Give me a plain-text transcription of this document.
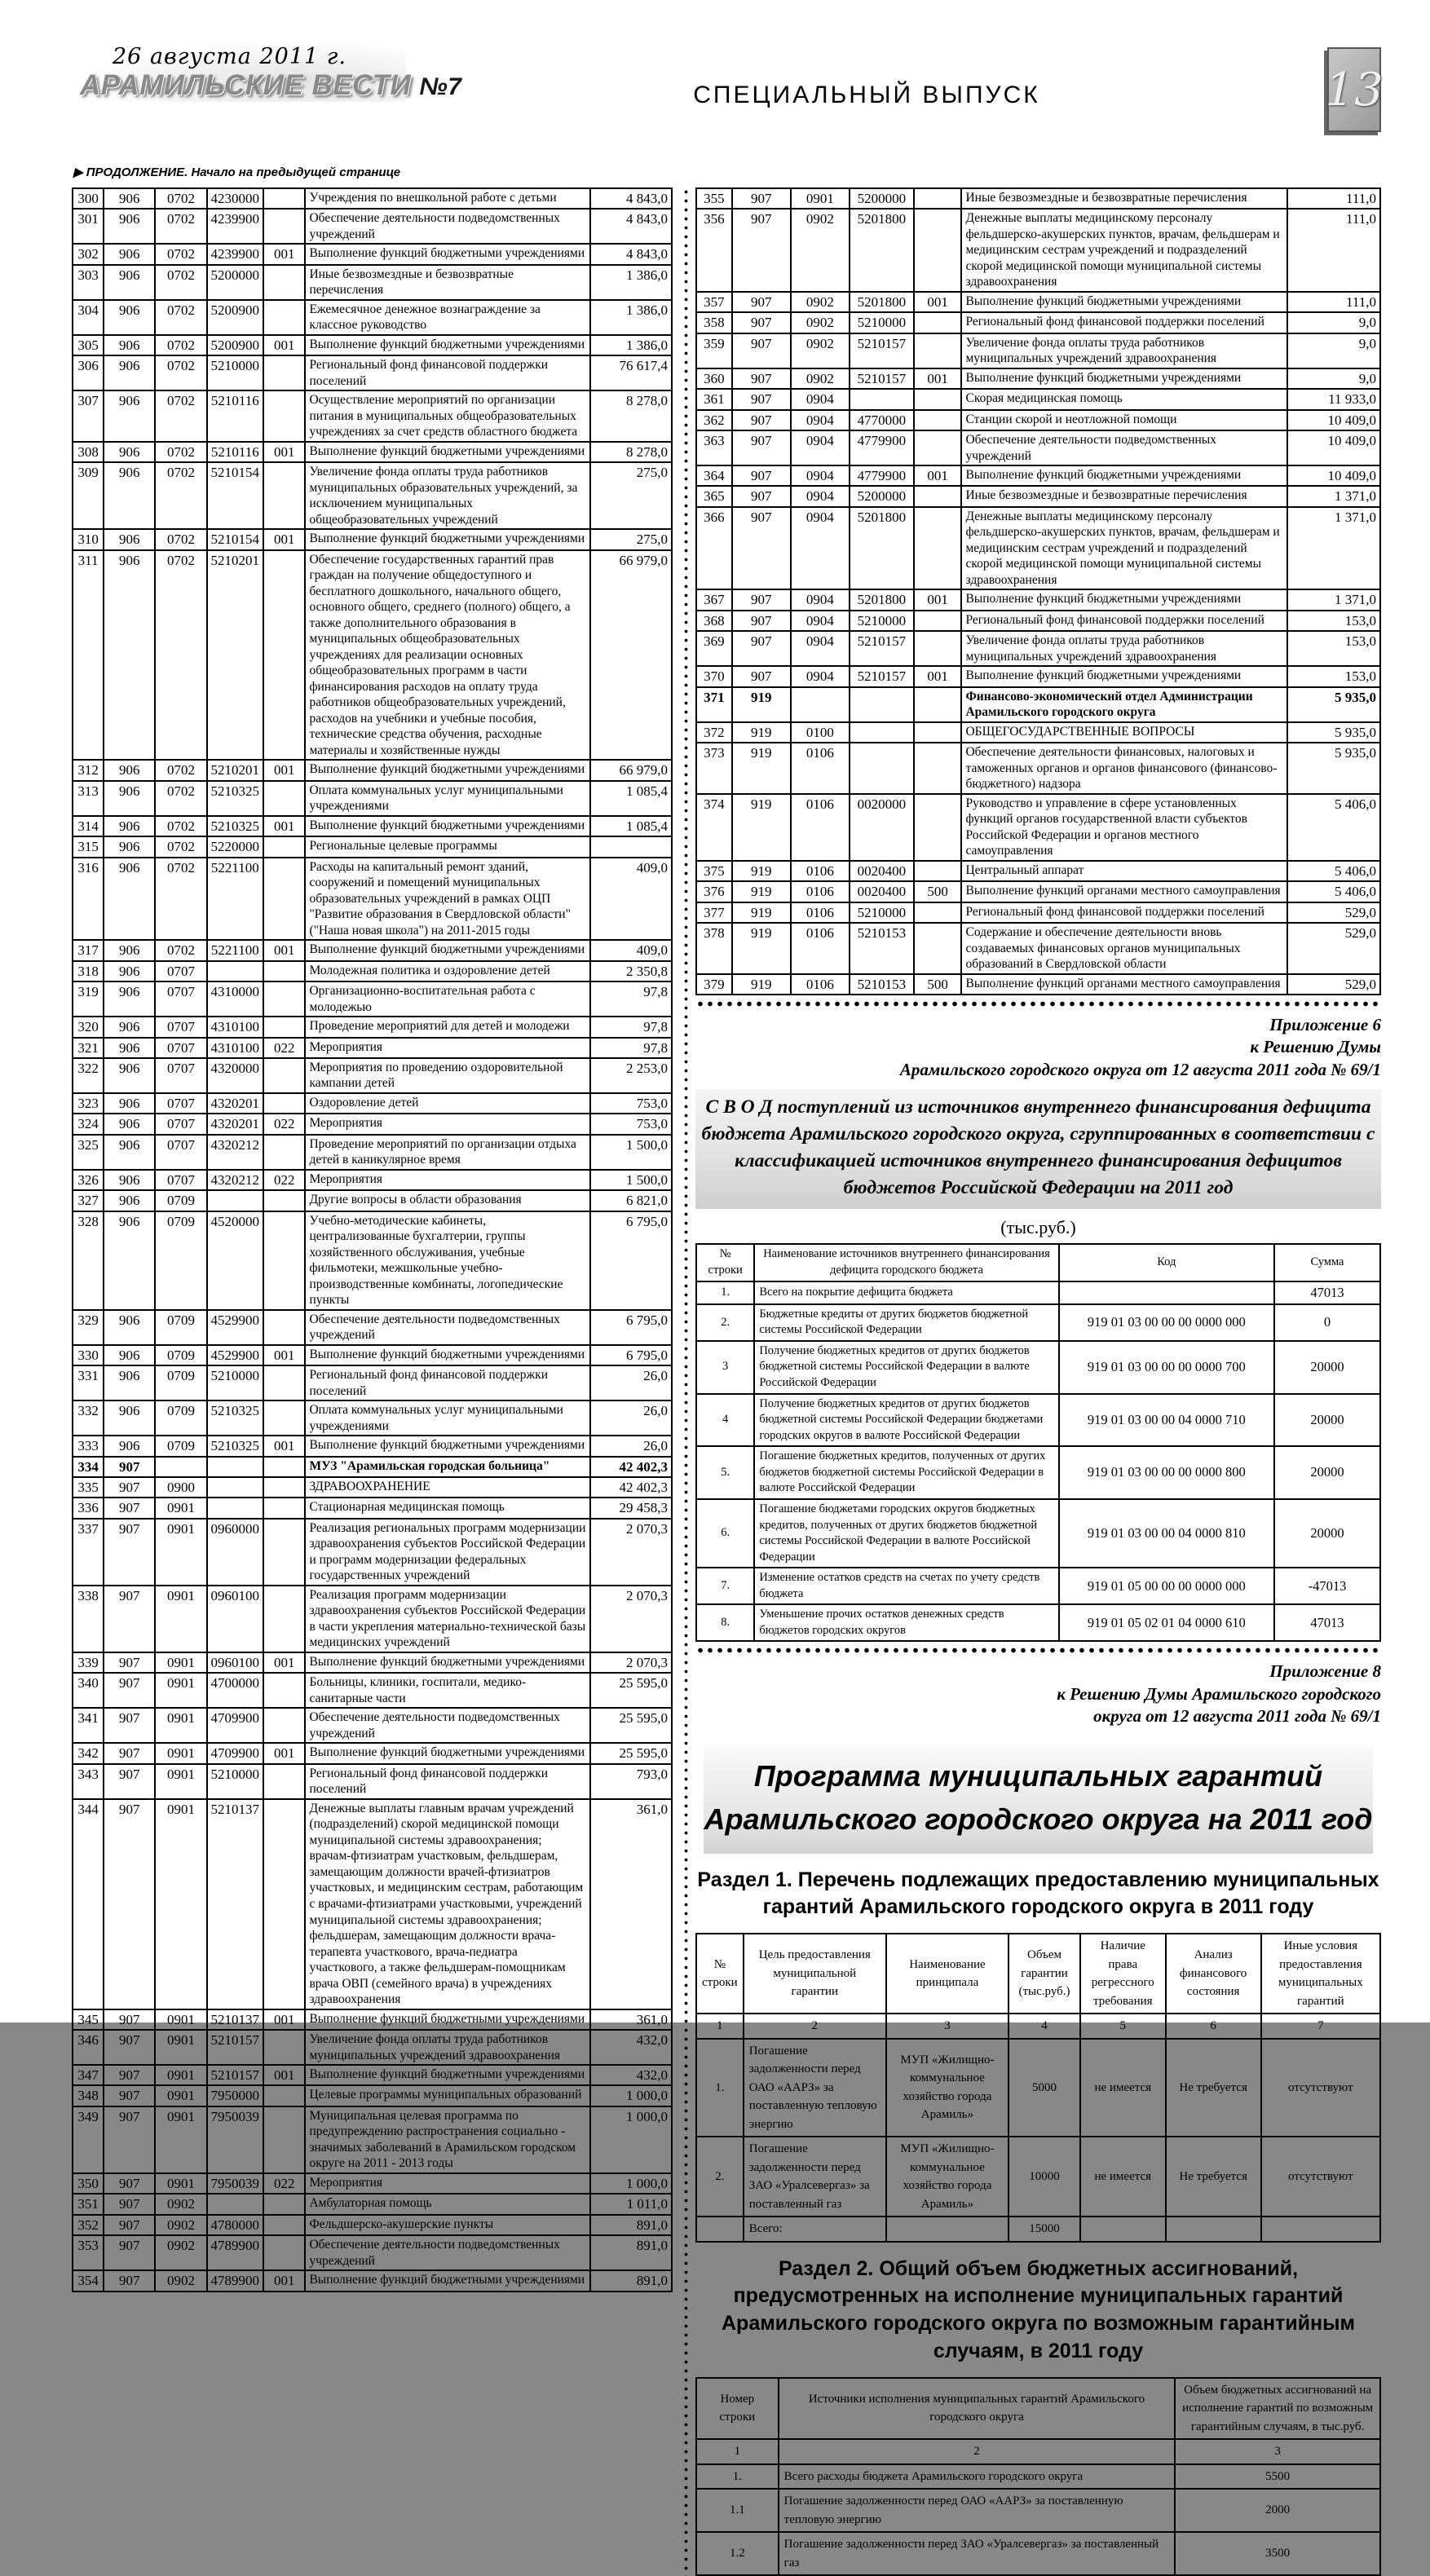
26 августа 2011 г.
АРАМИЛЬСКИЕ ВЕСТИ №7	СПЕЦИАЛЬНЫЙ ВЫПУСК	13
▶ ПРОДОЛЖЕНИЕ. Начало на предыдущей странице
300	906	0702	4230000		Учреждения по внешкольной работе с детьми	4 843,0
301	906	0702	4239900		Обеспечение деятельности подведомственных учреждений	4 843,0
302	906	0702	4239900	001	Выполнение функций бюджетными учреждениями	4 843,0
303	906	0702	5200000		Иные безвозмездные и безвозвратные перечисления	1 386,0
304	906	0702	5200900		Ежемесячное денежное вознаграждение за классное руководство	1 386,0
305	906	0702	5200900	001	Выполнение функций бюджетными учреждениями	1 386,0
306	906	0702	5210000		Региональный фонд финансовой поддержки поселений	76 617,4
307	906	0702	5210116		Осуществление мероприятий по организации питания в муниципальных общеобразовательных учреждениях за счет средств областного бюджета	8 278,0
308	906	0702	5210116	001	Выполнение функций бюджетными учреждениями	8 278,0
309	906	0702	5210154		Увеличение фонда оплаты труда работников муниципальных образовательных учреждений, за исключением муниципальных общеобразовательных учреждений	275,0
310	906	0702	5210154	001	Выполнение функций бюджетными учреждениями	275,0
311	906	0702	5210201		Обеспечение государственных гарантий прав граждан на получение общедоступного и бесплатного дошкольного, начального общего, основного общего, среднего (полного) общего, а также дополнительного образования в муниципальных общеобразовательных учреждениях для реализации основных общеобразовательных программ в части финансирования расходов на оплату труда работников общеобразовательных учреждений, расходов на учебники и учебные пособия, технические средства обучения, расходные материалы и хозяйственные нужды	66 979,0
312	906	0702	5210201	001	Выполнение функций бюджетными учреждениями	66 979,0
313	906	0702	5210325		Оплата коммунальных услуг муниципальными учреждениями	1 085,4
314	906	0702	5210325	001	Выполнение функций бюджетными учреждениями	1 085,4
315	906	0702	5220000		Региональные целевые программы	
316	906	0702	5221100		Расходы на капитальный ремонт зданий, сооружений и помещений муниципальных образовательных учреждений в рамках ОЦП "Развитие образования в Свердловской области" ("Наша новая школа") на 2011-2015 годы	409,0
317	906	0702	5221100	001	Выполнение функций бюджетными учреждениями	409,0
318	906	0707			Молодежная политика и оздоровление детей	2 350,8
319	906	0707	4310000		Организационно-воспитательная работа с молодежью	97,8
320	906	0707	4310100		Проведение мероприятий для детей и молодежи	97,8
321	906	0707	4310100	022	Мероприятия	97,8
322	906	0707	4320000		Мероприятия по проведению оздоровительной кампании детей	2 253,0
323	906	0707	4320201		Оздоровление детей	753,0
324	906	0707	4320201	022	Мероприятия	753,0
325	906	0707	4320212		Проведение мероприятий по организации отдыха детей в каникулярное время	1 500,0
326	906	0707	4320212	022	Мероприятия	1 500,0
327	906	0709			Другие вопросы в области образования	6 821,0
328	906	0709	4520000		Учебно-методические кабинеты, централизованные бухгалтерии, группы хозяйственного обслуживания, учебные фильмотеки, межшкольные учебно-производственные комбинаты, логопедические пункты	6 795,0
329	906	0709	4529900		Обеспечение деятельности подведомственных учреждений	6 795,0
330	906	0709	4529900	001	Выполнение функций бюджетными учреждениями	6 795,0
331	906	0709	5210000		Региональный фонд финансовой поддержки поселений	26,0
332	906	0709	5210325		Оплата коммунальных услуг муниципальными учреждениями	26,0
333	906	0709	5210325	001	Выполнение функций бюджетными учреждениями	26,0
334	907				МУЗ "Арамильская городская больница"	42 402,3
335	907	0900			ЗДРАВООХРАНЕНИЕ	42 402,3
336	907	0901			Стационарная медицинская помощь	29 458,3
337	907	0901	0960000		Реализация региональных программ модернизации здравоохранения субъектов Российской Федерации и программ модернизации федеральных государственных учреждений	2 070,3
338	907	0901	0960100		Реализация программ модернизации здравоохранения субъектов Российской Федерации в части укрепления материально-технической базы медицинских учреждений	2 070,3
339	907	0901	0960100	001	Выполнение функций бюджетными учреждениями	2 070,3
340	907	0901	4700000		Больницы, клиники, госпитали, медико-санитарные части	25 595,0
341	907	0901	4709900		Обеспечение деятельности подведомственных учреждений	25 595,0
342	907	0901	4709900	001	Выполнение функций бюджетными учреждениями	25 595,0
343	907	0901	5210000		Региональный фонд финансовой поддержки поселений	793,0
344	907	0901	5210137		Денежные выплаты главным врачам учреждений (подразделений) скорой медицинской помощи муниципальной системы здравоохранения; врачам-фтизиатрам участковым, фельдшерам, замещающим должности врачей-фтизиатров участковых, и медицинским сестрам, работающим с врачами-фтизиатрами участковыми, учреждений муниципальной системы здравоохранения; фельдшерам, замещающим должности врача-терапевта участкового, врача-педиатра участкового, а также фельдшерам-помощникам врача ОВП (семейного врача) в учреждениях здравоохранения	361,0
345	907	0901	5210137	001	Выполнение функций бюджетными учреждениями	361,0
346	907	0901	5210157		Увеличение фонда оплаты труда работников муниципальных учреждений здравоохранения	432,0
347	907	0901	5210157	001	Выполнение функций бюджетными учреждениями	432,0
348	907	0901	7950000		Целевые программы муниципальных образований	1 000,0
349	907	0901	7950039		Муниципальная целевая программа по предупреждению распространения социально - значимых заболеваний в Арамильском городском округе на 2011 - 2013 годы	1 000,0
350	907	0901	7950039	022	Мероприятия	1 000,0
351	907	0902			Амбулаторная помощь	1 011,0
352	907	0902	4780000		Фельдшерско-акушерские пункты	891,0
353	907	0902	4789900		Обеспечение деятельности подведомственных учреждений	891,0
354	907	0902	4789900	001	Выполнение функций бюджетными учреждениями	891,0
355	907	0901	5200000		Иные безвозмездные и безвозвратные перечисления	111,0
356	907	0902	5201800		Денежные выплаты медицинскому персоналу фельдшерско-акушерских пунктов, врачам, фельдшерам и медицинским сестрам учреждений и подразделений скорой медицинской помощи муниципальной системы здравоохранения	111,0
357	907	0902	5201800	001	Выполнение функций бюджетными учреждениями	111,0
358	907	0902	5210000		Региональный фонд финансовой поддержки поселений	9,0
359	907	0902	5210157		Увеличение фонда оплаты труда работников муниципальных учреждений здравоохранения	9,0
360	907	0902	5210157	001	Выполнение функций бюджетными учреждениями	9,0
361	907	0904			Скорая медицинская помощь	11 933,0
362	907	0904	4770000		Станции скорой и неотложной помощи	10 409,0
363	907	0904	4779900		Обеспечение деятельности подведомственных учреждений	10 409,0
364	907	0904	4779900	001	Выполнение функций бюджетными учреждениями	10 409,0
365	907	0904	5200000		Иные безвозмездные и безвозвратные перечисления	1 371,0
366	907	0904	5201800		Денежные выплаты медицинскому персоналу фельдшерско-акушерских пунктов, врачам, фельдшерам и медицинским сестрам учреждений и подразделений скорой медицинской помощи муниципальной системы здравоохранения	1 371,0
367	907	0904	5201800	001	Выполнение функций бюджетными учреждениями	1 371,0
368	907	0904	5210000		Региональный фонд финансовой поддержки поселений	153,0
369	907	0904	5210157		Увеличение фонда оплаты труда работников муниципальных учреждений здравоохранения	153,0
370	907	0904	5210157	001	Выполнение функций бюджетными учреждениями	153,0
371	919				Финансово-экономический отдел Администрации Арамильского городского округа	5 935,0
372	919	0100			ОБЩЕГОСУДАРСТВЕННЫЕ ВОПРОСЫ	5 935,0
373	919	0106			Обеспечение деятельности финансовых, налоговых и таможенных органов и органов финансового (финансово-бюджетного) надзора	5 935,0
374	919	0106	0020000		Руководство и управление в сфере установленных функций органов государственной власти субъектов Российской Федерации и органов местного самоуправления	5 406,0
375	919	0106	0020400		Центральный аппарат	5 406,0
376	919	0106	0020400	500	Выполнение функций органами местного самоуправления	5 406,0
377	919	0106	5210000		Региональный фонд финансовой поддержки поселений	529,0
378	919	0106	5210153		Содержание и обеспечение деятельности вновь создаваемых финансовых органов муниципальных образований в Свердловской области	529,0
379	919	0106	5210153	500	Выполнение функций органами местного самоуправления	529,0
Приложение 6
к Решению Думы
Арамильского городского округа от 12 августа 2011 года № 69/1
С В О Д поступлений из источников внутреннего финансирования дефицита бюджета Арамильского городского округа, сгруппированных в соответствии с классификацией источников внутреннего финансирования дефицитов бюджетов Российской Федерации на 2011 год
(тыс.руб.)
№ строки	Наименование источников внутреннего финансирования дефицита городского бюджета	Код	Сумма
1.	Всего на покрытие дефицита бюджета		47013
2.	Бюджетные кредиты от других бюджетов бюджетной системы Российской Федерации	919 01 03 00 00 00 0000 000	0
3	Получение бюджетных кредитов от других бюджетов бюджетной системы Российской Федерации в валюте Российской Федерации	919 01 03 00 00 00 0000 700	20000
4	Получение бюджетных кредитов от других бюджетов бюджетной системы Российской Федерации бюджетами городских округов в валюте Российской Федерации	919 01 03 00 00 04 0000 710	20000
5.	Погашение бюджетных кредитов, полученных от других бюджетов бюджетной системы Российской Федерации в валюте Российской Федерации	919 01 03 00 00 00 0000 800	20000
6.	Погашение бюджетами городских округов бюджетных кредитов, полученных от других бюджетов бюджетной системы Российской Федерации в валюте Российской Федерации	919 01 03 00 00 04 0000 810	20000
7.	Изменение остатков средств на счетах по учету средств бюджета	919 01 05 00 00 00 0000 000	-47013
8.	Уменьшение прочих остатков денежных средств бюджетов городских округов	919 01 05 02 01 04 0000 610	47013
Приложение 8
к Решению Думы Арамильского городского
округа от 12 августа 2011 года № 69/1
Программа муниципальных гарантий
Арамильского городского округа на 2011 год
Раздел 1. Перечень подлежащих предоставлению муниципальных гарантий Арамильского городского округа в 2011 году
№ строки	Цель предоставления муниципальной гарантии	Наименование принципала	Объем гарантии (тыс.руб.)	Наличие права регрессного требования	Анализ финансового состояния	Иные условия предоставления муниципальных гарантий
1	2	3	4	5	6	7
1.	Погашение задолженности перед ОАО «ААРЗ» за поставленную тепловую энергию	МУП «Жилищно-коммунальное хозяйство города Арамиль»	5000	не имеется	Не требуется	отсутствуют
2.	Погашение задолженности перед ЗАО «Уралсевергаз» за поставленный газ	МУП «Жилищно-коммунальное хозяйство города Арамиль»	10000	не имеется	Не требуется	отсутствуют
	Всего:		15000			
Раздел 2. Общий объем бюджетных ассигнований, предусмотренных на исполнение муниципальных гарантий Арамильского городского округа по возможным гарантийным случаям, в 2011 году
Номер строки	Источники исполнения муниципальных гарантий Арамильского городского округа	Объем бюджетных ассигнований на исполнение гарантий по возможным гарантийным случаям, в тыс.руб.
1	2	3
1.	Всего расходы бюджета Арамильского городского округа	5500
1.1	Погашение задолженности перед ОАО «ААРЗ» за поставленную тепловую энергию	2000
1.2	Погашение задолженности перед ЗАО «Уралсевергаз» за поставленный газ	3500
